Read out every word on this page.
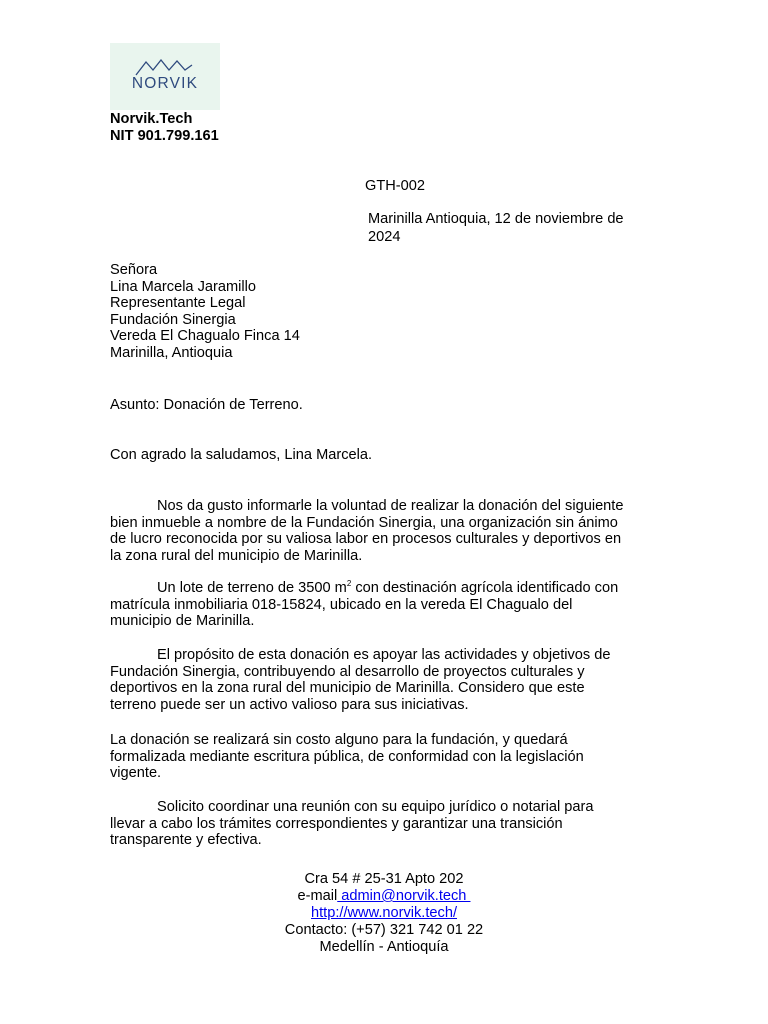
NORVIK
Norvik.Tech
NIT 901.799.161
GTH-002
Marinilla Antioquia, 12 de noviembre de
2024
Señora
Lina Marcela Jaramillo
Representante Legal
Fundación Sinergia
Vereda El Chagualo Finca 14
Marinilla, Antioquia
Asunto: Donación de Terreno.
Con agrado la saludamos, Lina Marcela.
Nos da gusto informarle la voluntad de realizar la donación del siguiente
bien inmueble a nombre de la Fundación Sinergia, una organización sin ánimo
de lucro reconocida por su valiosa labor en procesos culturales y deportivos en
la zona rural del municipio de Marinilla.
Un lote de terreno de 3500 $m^2$ con destinación agrícola identificado con
matrícula inmobiliaria 018-15824, ubicado en la vereda El Chagualo del
municipio de Marinilla.
El propósito de esta donación es apoyar las actividades y objetivos de
Fundación Sinergia, contribuyendo al desarrollo de proyectos culturales y
deportivos en la zona rural del municipio de Marinilla. Considero que este
terreno puede ser un activo valioso para sus iniciativas.
La donación se realizará sin costo alguno para la fundación, y quedará
formalizada mediante escritura pública, de conformidad con la legislación
vigente.
Solicito coordinar una reunión con su equipo jurídico o notarial para
llevar a cabo los trámites correspondientes y garantizar una transición
transparente y efectiva.
Cra 54 # 25-31 Apto 202
e-mail admin@norvik.tech
http://www.norvik.tech/
Contacto: (+57) 321 742 01 22
Medellín - Antioquía
